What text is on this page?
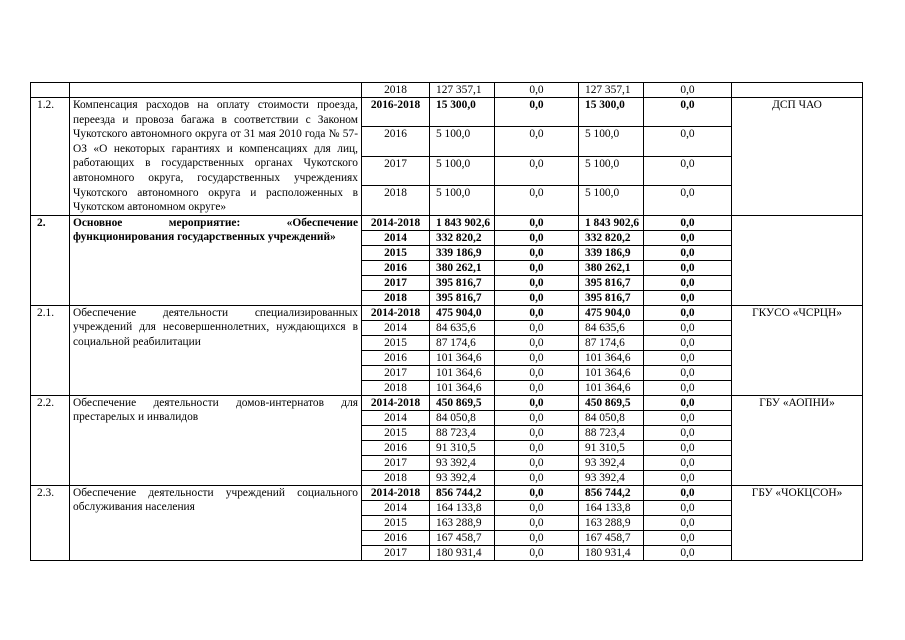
		2018	127 357,1	0,0	127 357,1	0,0	
1.2.	Компенсация расходов на оплату стоимости проезда, переезда и провоза багажа в соответствии с Законом Чукотского автономного округа от 31 мая 2010 года № 57-ОЗ «О некоторых гарантиях и компенсациях для лиц, работающих в государственных органах Чукотского автономного округа, государственных учреждениях Чукотского автономного округа и расположенных в Чукотском автономном округе»	2016-2018	15 300,0	0,0	15 300,0	0,0	ДСП ЧАО
		2016	5 100,0	0,0	5 100,0	0,0	
		2017	5 100,0	0,0	5 100,0	0,0	
		2018	5 100,0	0,0	5 100,0	0,0	
2.	Основное мероприятие: «Обеспечение функционирования государственных учреждений»	2014-2018	1 843 902,6	0,0	1 843 902,6	0,0	
		2014	332 820,2	0,0	332 820,2	0,0	
		2015	339 186,9	0,0	339 186,9	0,0	
		2016	380 262,1	0,0	380 262,1	0,0	
		2017	395 816,7	0,0	395 816,7	0,0	
		2018	395 816,7	0,0	395 816,7	0,0	
2.1.	Обеспечение деятельности специализированных учреждений для несовершеннолетних, нуждающихся в социальной реабилитации	2014-2018	475 904,0	0,0	475 904,0	0,0	ГКУСО «ЧСРЦН»
		2014	84 635,6	0,0	84 635,6	0,0	
		2015	87 174,6	0,0	87 174,6	0,0	
		2016	101 364,6	0,0	101 364,6	0,0	
		2017	101 364,6	0,0	101 364,6	0,0	
		2018	101 364,6	0,0	101 364,6	0,0	
2.2.	Обеспечение деятельности домов-интернатов для престарелых и инвалидов	2014-2018	450 869,5	0,0	450 869,5	0,0	ГБУ «АОПНИ»
		2014	84 050,8	0,0	84 050,8	0,0	
		2015	88 723,4	0,0	88 723,4	0,0	
		2016	91 310,5	0,0	91 310,5	0,0	
		2017	93 392,4	0,0	93 392,4	0,0	
		2018	93 392,4	0,0	93 392,4	0,0	
2.3.	Обеспечение деятельности учреждений социального обслуживания населения	2014-2018	856 744,2	0,0	856 744,2	0,0	ГБУ «ЧОКЦСОН»
		2014	164 133,8	0,0	164 133,8	0,0	
		2015	163 288,9	0,0	163 288,9	0,0	
		2016	167 458,7	0,0	167 458,7	0,0	
		2017	180 931,4	0,0	180 931,4	0,0	
